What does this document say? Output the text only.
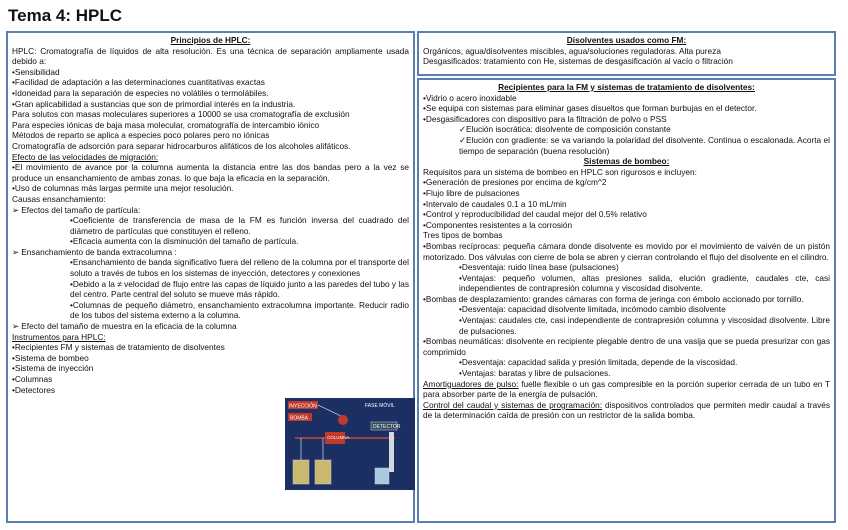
Tema 4: HPLC

Principios de HPLC:

HPLC: Cromatografía de líquidos de alta resolución. Es una técnica de separación ampliamente usada debido a:

•Sensibilidad

•Facilidad de adaptación a las determinaciones cuantitativas exactas

•Idoneidad para la separación de especies no volátiles o termolábiles.

•Gran aplicabilidad a sustancias que son de primordial interés en la industria.

Para solutos con masas moleculares superiores a 10000 se usa cromatografía de exclusión

Para especies iónicas de baja masa molecular, cromatografía de intercambio iónico

Métodos de reparto se aplica a especies poco polares pero no iónicas

Cromatografía de adsorción para separar hidrocarburos alifáticos de los alcoholes alifáticos.

Efecto de las velocidades de migración:

•El movimiento de avance por la columna aumenta la distancia entre las dos bandas pero a la vez se produce un ensanchamiento de ambas zonas. lo que baja la eficacia en la separación.

•Uso de columnas más largas permite una mejor resolución.

Causas ensanchamiento:

➢ Efectos del tamaño de partícula:

•Coeficiente de transferencia de masa de la FM es función inversa del cuadrado del diámetro de partículas que constituyen el relleno.

•Eficacia aumenta con la disminución del tamaño de partícula.

➢ Ensanchamiento de banda extracolumna :

•Ensanchamiento de banda significativo fuera del relleno de la columna por el transporte del soluto a través de tubos en los sistemas de inyección, detectores y conexiones

•Debido a la ≠ velocidad de flujo entre las capas de líquido junto a las paredes del tubo y las del centro. Parte central del soluto se mueve más rápido.

•Columnas de pequeño diámetro, ensanchamiento extracolumna importante. Reducir radio de los tubos del sistema externo a la columna.

➢ Efecto del tamaño de muestra en la eficacia de la columna

Instrumentos para HPLC:

•Recipientes FM y sistemas de tratamiento de disolventes

•Sistema de bombeo

•Sistema de inyección

•Columnas

•Detectores

INYECCIÓN
BOMBA
FASE MÓVIL
COLUMNA
DETECTOR

Disolventes usados como FM:

Orgánicos, agua/disolventes miscibles, agua/soluciones reguladoras. Alta pureza

Desgasificados: tratamiento con He, sistemas de desgasificación al vacío o filtración

Recipientes para la FM y sistemas de tratamiento de disolventes:

•Vidrio o acero inoxidable

•Se equipa con sistemas para eliminar gases disueltos que forman burbujas en el detector.

•Desgasificadores con dispositivo para la filtración de polvo o PSS

✓Elución isocrática: disolvente de composición constante

✓Elución con gradiente: se va variando la polaridad del disolvente. Continua o escalonada. Acorta el tiempo de separación (buena resolución)

Sistemas de bombeo:

Requisitos para un sistema de bombeo en HPLC son rigurosos e incluyen:

•Generación de presiones por encima de kg/cm^2

•Flujo libre de pulsaciones

•Intervalo de caudales 0.1 a 10 mL/min

•Control y reproducibilidad del caudal mejor del 0.5% relativo

•Componentes resistentes a la corrosión

Tres tipos de bombas

•Bombas recíprocas: pequeña cámara donde disolvente es movido por el movimiento de vaivén de un pistón motorizado. Dos válvulas con cierre de bola se abren y cierran controlando el flujo del disolvente en el cilindro.

•Desventaja: ruido línea base (pulsaciones)

•Ventajas: pequeño volumen, altas presiones salida, elución gradiente, caudales cte, casi independientes de contrapresión columna y viscosidad disolvente.

•Bombas de desplazamiento: grandes cámaras con forma de jeringa con émbolo accionado por tornillo.

•Desventaja: capacidad disolvente limitada, incómodo cambio disolvente

•Ventajas: caudales cte, casi independiente de contrapresión columna y viscosidad disolvente. Libre de pulsaciones.

•Bombas neumáticas: disolvente en recipiente plegable dentro de una vasija que se pueda presurizar con gas comprimido

•Desventaja: capacidad salida y presión limitada, depende de la viscosidad.

•Ventajas: baratas y libre de pulsaciones.

Amortiguadores de pulso: fuelle flexible o un gas compresible en la porción superior cerrada de un tubo en T para absorber parte de la energía de pulsación.

Control del caudal y sistemas de programación: dispositivos controlados que permiten medir caudal a través de la determinación caída de presión con un restrictor de la salida bomba.
